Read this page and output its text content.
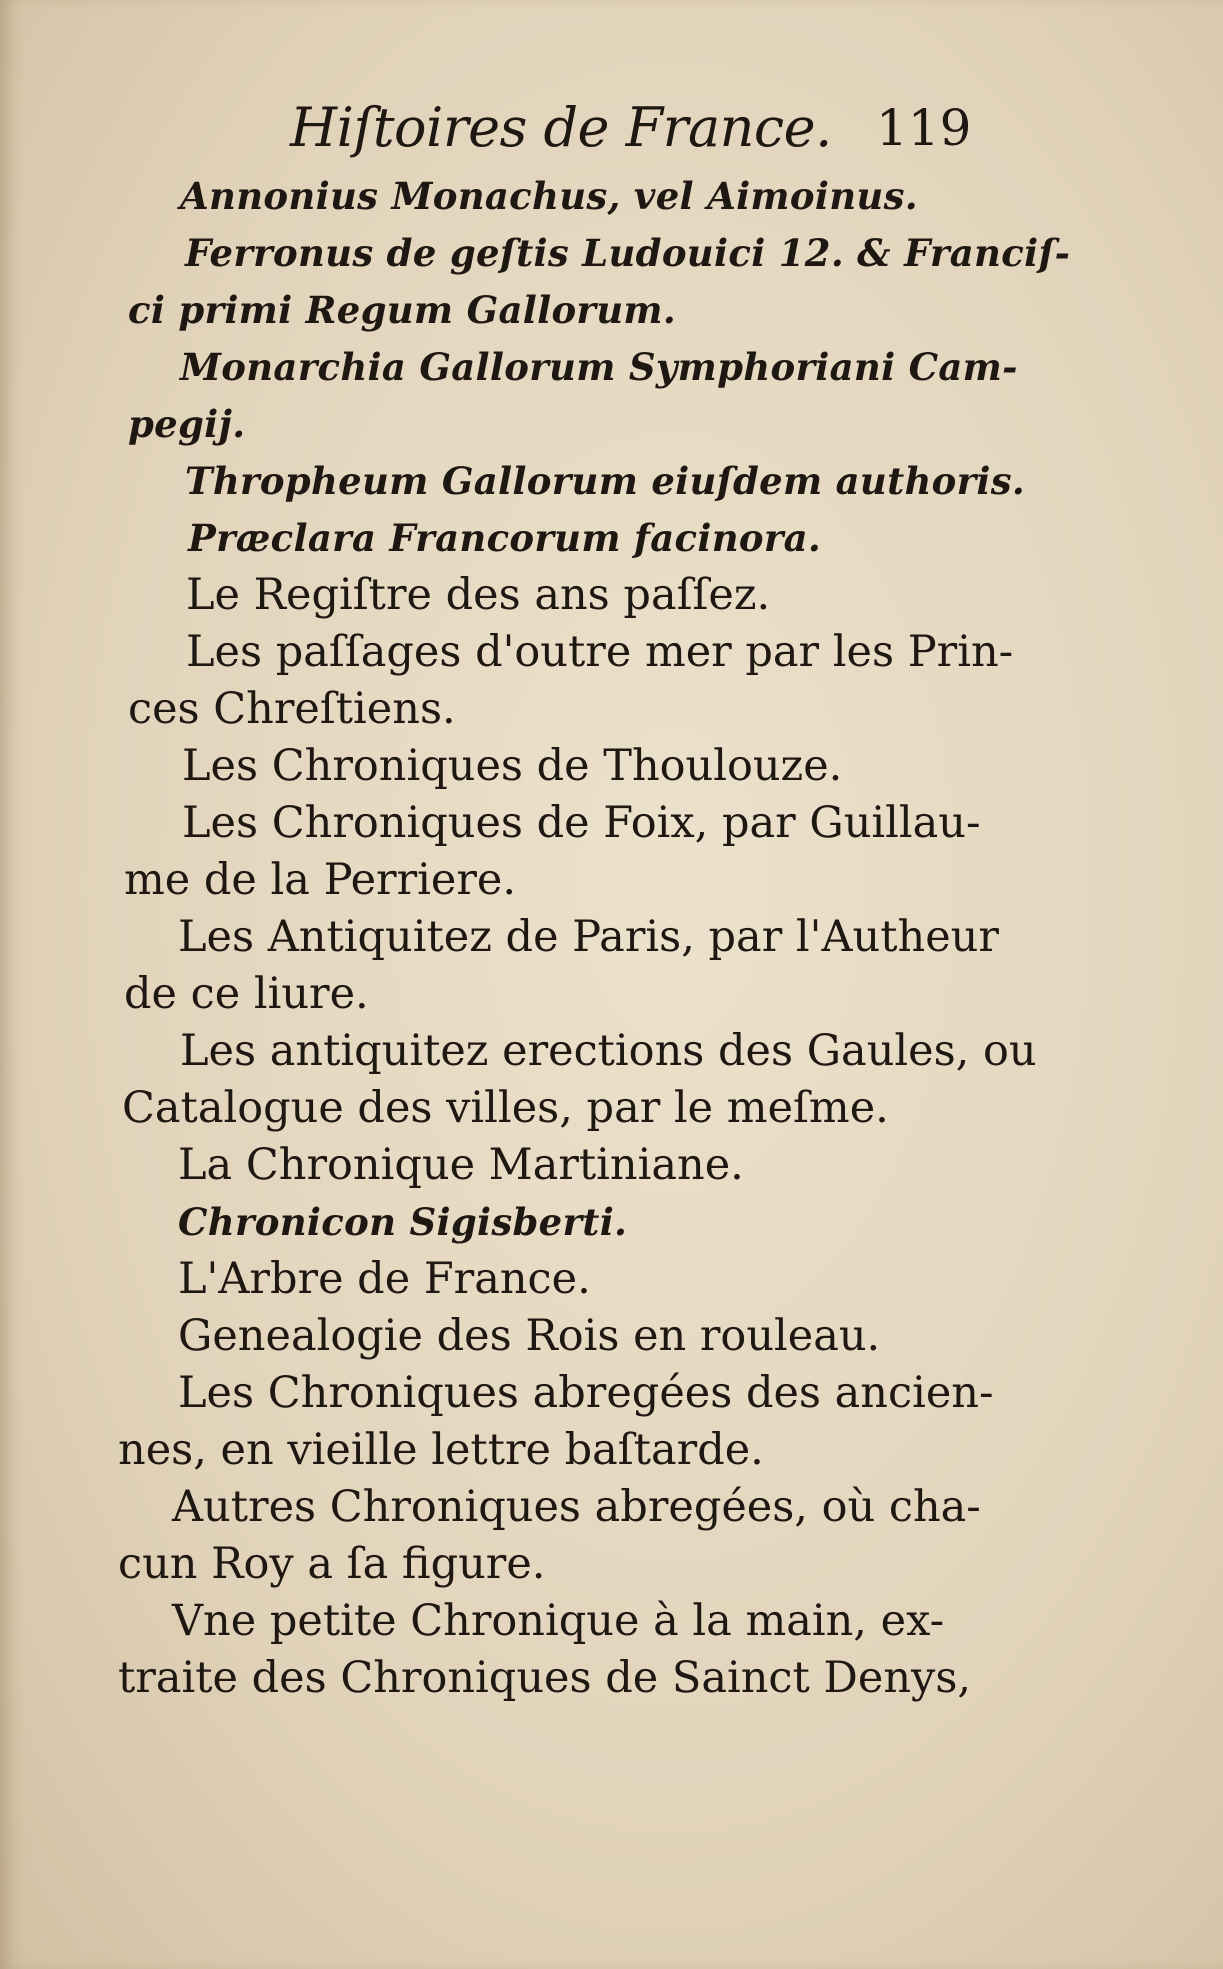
Hiſtoires de France. 119
Annonius Monachus, vel Aimoinus.
Ferronus de geſtis Ludouici 12. & Franciſ-
ci primi Regum Gallorum.
Monarchia Gallorum Symphoriani Cam-
pegij.
Thropheum Gallorum eiuſdem authoris.
Præclara Francorum facinora.
Le Regiſtre des ans paſſez.
Les paſſages d'outre mer par les Prin-
ces Chreſtiens.
Les Chroniques de Thoulouze.
Les Chroniques de Foix, par Guillau-
me de la Perriere.
Les Antiquitez de Paris, par l'Autheur
de ce liure.
Les antiquitez erections des Gaules, ou
Catalogue des villes, par le meſme.
La Chronique Martiniane.
Chronicon Sigisberti.
L'Arbre de France.
Genealogie des Rois en rouleau.
Les Chroniques abregées des ancien-
nes, en vieille lettre baſtarde.
Autres Chroniques abregées, où cha-
cun Roy a ſa figure.
Vne petite Chronique à la main, ex-
traite des Chroniques de Sainct Denys,
